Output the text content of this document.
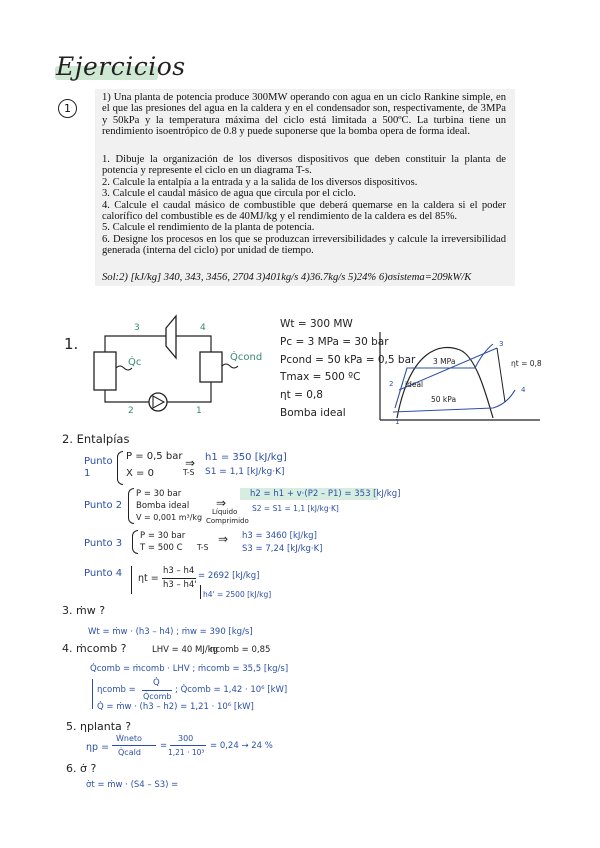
Ejercicios
1

1) Una planta de potencia produce 300MW operando con agua en un ciclo Rankine simple, en el que las presiones del agua en la caldera y en el condensador son, respectivamente, de 3MPa y 50kPa y la temperatura máxima del ciclo está limitada a 500ºC. La turbina tiene un rendimiento isoentrópico de 0.8 y puede suponerse que la bomba opera de forma ideal.

1. Dibuje la organización de los diversos dispositivos que deben constituir la planta de potencia y represente el ciclo en un diagrama T-s.

2. Calcule la entalpía a la entrada y a la salida de los diversos dispositivos.

3. Calcule el caudal másico de agua que circula por el ciclo.

4. Calcule el caudal másico de combustible que deberá quemarse en la caldera si el poder calorífico del combustible es de 40MJ/kg y el rendimiento de la caldera es del 85%.

5. Calcule el rendimiento de la planta de potencia.

6. Designe los procesos en los que se produzcan irreversibilidades y calcule la irreversibilidad generada (interna del ciclo) por unidad de tiempo.

Sol:2) [kJ/kg] 340, 343, 3456, 2704 3)401kg/s 4)36.7kg/s 5)24% 6)σsistema=209kW/K

1.
3	4
2	1
Q̇c	Q̇cond
Wt = 300 MW
Pc = 3 MPa = 30 bar
Pcond = 50 kPa = 0,5 bar
Tmax = 500 ºC
ηt = 0,8
Bomba ideal
3 MPa
50 kPa
ideal
ηt = 0,8
1
2
3
4
2. Entalpías
Punto 1
P = 0,5 bar
X = 0
⇒
T-S
h1 = 350 [kJ/kg]
S1 = 1,1 [kJ/kg·K]
Punto 2
P = 30 bar
Bomba ideal
V = 0,001 m³/kg
⇒
Líquido
Comprimido
h2 = h1 + v·(P2 – P1) = 353 [kJ/kg]
S2 = S1 = 1,1 [kJ/kg·K]
Punto 3
P = 30 bar
T = 500 C
⇒
T-S
h3 = 3460 [kJ/kg]
S3 = 7,24 [kJ/kg·K]
Punto 4 ηt =
h3 – h4
h3 – h4'
= 2692 [kJ/kg]
h4' = 2500 [kJ/kg]
3. ṁw ?
Wt = ṁw · (h3 – h4) ; ṁw = 390 [kg/s]
4. ṁcomb ?	LHV = 40 MJ/kg
ηcomb = 0,85
Q̇comb = ṁcomb · LHV ; ṁcomb = 35,5 [kg/s]
ηcomb =
Q̇
Q̇comb
; Q̇comb = 1,42 · 10⁶ [kW]
Q̇ = ṁw · (h3 – h2) = 1,21 · 10⁶ [kW]
5. ηplanta ?
ηp =
Ẇneto
Q̇cald
=
300
1,21 · 10³
= 0,24 → 24 %
6. σ̇ ?
σ̇t = ṁw · (S4 – S3) =
